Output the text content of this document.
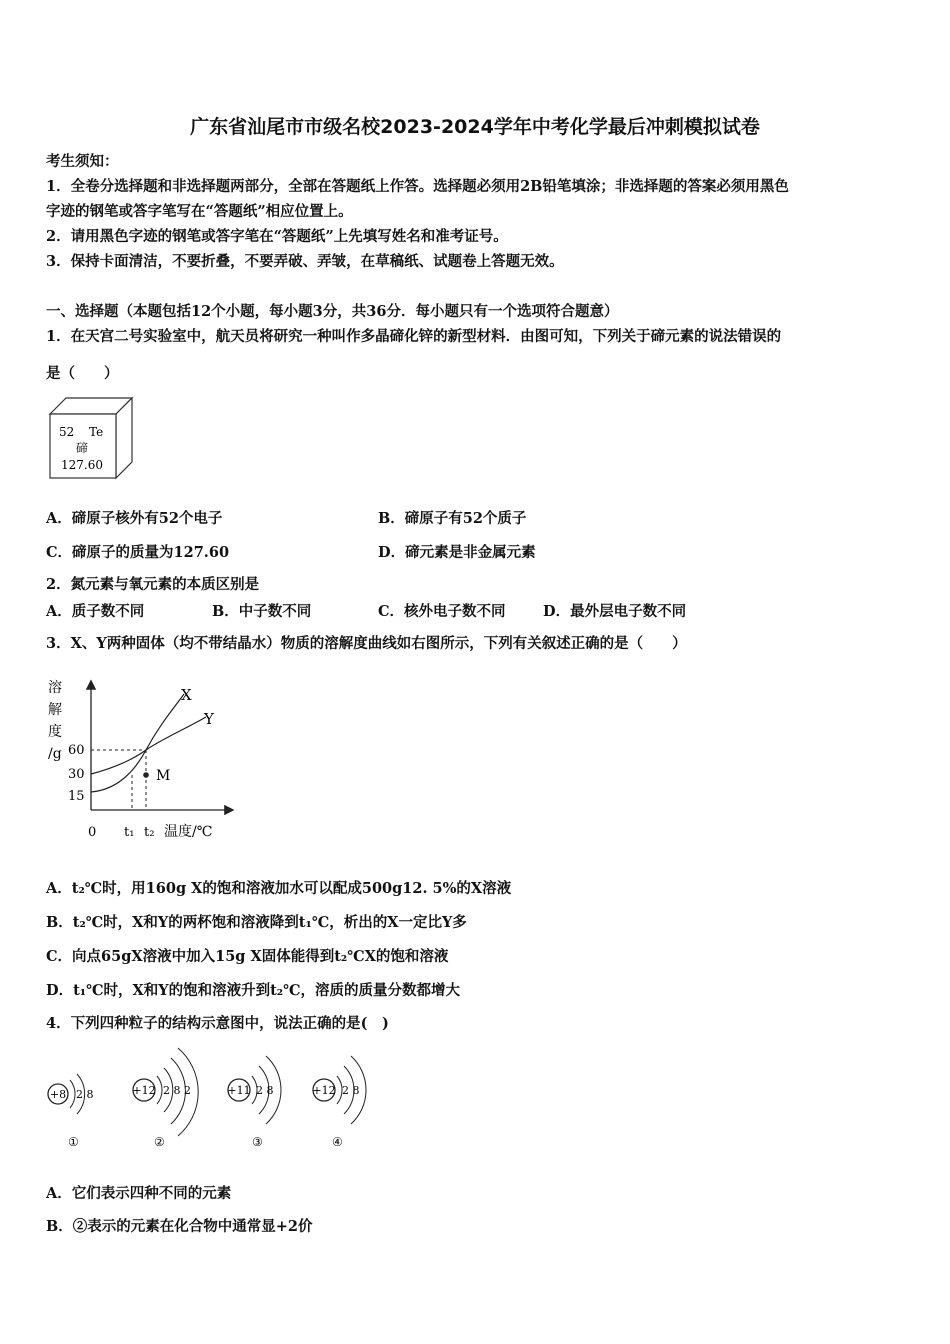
广东省汕尾市市级名校2023-2024学年中考化学最后冲刺模拟试卷
考生须知：
1．全卷分选择题和非选择题两部分，全部在答题纸上作答。选择题必须用2B铅笔填涂；非选择题的答案必须用黑色
字迹的钢笔或答字笔写在“答题纸”相应位置上。
2．请用黑色字迹的钢笔或答字笔在“答题纸”上先填写姓名和准考证号。
3．保持卡面清洁，不要折叠，不要弄破、弄皱，在草稿纸、试题卷上答题无效。
一、选择题（本题包括12个小题，每小题3分，共36分．每小题只有一个选项符合题意）
1．在天宫二号实验室中，航天员将研究一种叫作多晶碲化锌的新型材料．由图可知，下列关于碲元素的说法错误的
是（　　）
52 Te
碲
127.60
A．碲原子核外有52个电子	B．碲原子有52个质子
C．碲原子的质量为127.60	D．碲元素是非金属元素
2．氮元素与氧元素的本质区别是
A．质子数不同	B．中子数不同	C．核外电子数不同	D．最外层电子数不同
3．X、Y两种固体（均不带结晶水）物质的溶解度曲线如右图所示，下列有关叙述正确的是（　　）
溶
解
度
/g 60
30
15
0 t₁ t₂ 温度/℃
X
Y
M
A．t₂℃时，用160g X的饱和溶液加水可以配成500g12. 5%的X溶液
B．t₂℃时，X和Y的两杯饱和溶液降到t₁℃，析出的X一定比Y多
C．向点65gX溶液中加入15g X固体能得到t₂℃X的饱和溶液
D．t₁℃时，X和Y的饱和溶液升到t₂℃，溶质的质量分数都增大
4．下列四种粒子的结构示意图中，说法正确的是(　)
+8 2 8
①
+12 2 8 2
②
+11 2 8
③
+12 2 8
④
A．它们表示四种不同的元素
B．②表示的元素在化合物中通常显+2价
